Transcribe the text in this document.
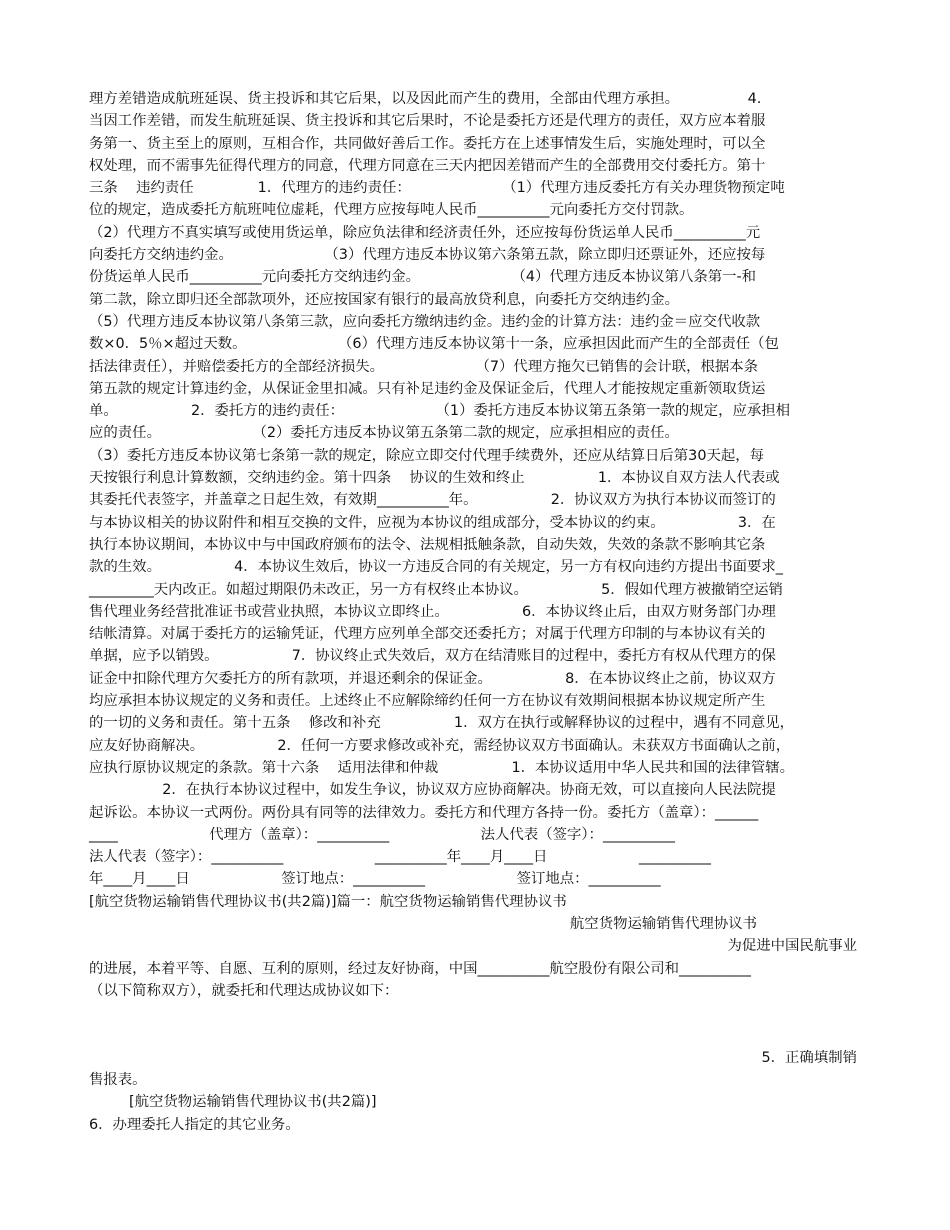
理方差错造成航班延误、货主投诉和其它后果，以及因此而产生的费用，全部由代理方承担。               4.
当因工作差错，而发生航班延误、货主投诉和其它后果时，不论是委托方还是代理方的责任，双方应本着服
务第一、货主至上的原则，互相合作，共同做好善后工作。委托方在上述事情发生后，实施处理时，可以全
权处理，而不需事先征得代理方的同意，代理方同意在三天内把因差错而产生的全部费用交付委托方。第十
三条    违约责任              1．代理方的违约责任：                    （1）代理方违反委托方有关办理货物预定吨
位的规定，造成委托方航班吨位虚耗，代理方应按每吨人民币__________元向委托方交付罚款。
（2）代理方不真实填写或使用货运单，除应负法律和经济责任外，还应按每份货运单人民币__________元
向委托方交纳违约金。                    （3）代理方违反本协议第六条第五款，除立即归还票证外，还应按每
份货运单人民币__________元向委托方交纳违约金。                    （4）代理方违反本协议第八条第一-和
第二款，除立即归还全部款项外，还应按国家有银行的最高放贷利息，向委托方交纳违约金。
（5）代理方违反本协议第八条第三款，应向委托方缴纳违约金。违约金的计算方法：违约金＝应交代收款
数×0．5％×超过天数。                    （6）代理方违反本协议第十一条，应承担因此而产生的全部责任（包
括法律责任），并赔偿委托方的全部经济损失。                    （7）代理方拖欠已销售的会计联，根据本条
第五款的规定计算违约金，从保证金里扣减。只有补足违约金及保证金后，代理人才能按规定重新领取货运
单。                2．委托方的违约责任：                    （1）委托方违反本协议第五条第一款的规定，应承担相
应的责任。                    （2）委托方违反本协议第五条第二款的规定，应承担相应的责任。
（3）委托方违反本协议第七条第一款的规定，除应立即交付代理手续费外，还应从结算日后第30天起，每
天按银行利息计算数额，交纳违约金。第十四条    协议的生效和终止                1．本协议自双方法人代表或
其委托代表签字，并盖章之日起生效，有效期__________年。                2．协议双方为执行本协议而签订的
与本协议相关的协议附件和相互交换的文件，应视为本协议的组成部分，受本协议的约束。                3．在
执行本协议期间，本协议中与中国政府颁布的法令、法规相抵触条款，自动失效，失效的条款不影响其它条
款的生效。                4．本协议生效后，协议一方违反合同的有关规定，另一方有权向违约方提出书面要求_
_________天内改正。如超过期限仍未改正，另一方有权终止本协议。                5．假如代理方被撤销空运销
售代理业务经营批准证书或营业执照，本协议立即终止。                6．本协议终止后，由双方财务部门办理
结帐清算。对属于委托方的运输凭证，代理方应列单全部交还委托方；对属于代理方印制的与本协议有关的
单据，应予以销毁。                7．协议终止式失效后，双方在结清账目的过程中，委托方有权从代理方的保
证金中扣除代理方欠委托方的所有款项，并退还剩余的保证金。                8．在本协议终止之前，协议双方
均应承担本协议规定的义务和责任。上述终止不应解除缔约任何一方在协议有效期间根据本协议规定所产生
的一切的义务和责任。第十五条    修改和补充                1．双方在执行或解释协议的过程中，遇有不同意见，
应友好协商解决。                2．任何一方要求修改或补充，需经协议双方书面确认。未获双方书面确认之前，
应执行原协议规定的条款。第十六条    适用法律和仲裁                1．本协议适用中华人民共和国的法律管辖。
2．在执行本协议过程中，如发生争议，协议双方应协商解决。协商无效，可以直接向人民法院提
起诉讼。本协议一式两份。两份具有同等的法律效力。委托方和代理方各持一份。委托方（盖章）：______
____                    代理方（盖章）：__________                    法人代表（签字）：__________
法人代表（签字）：__________                    __________年____月____日                    __________
年____月____日                    签订地点：__________                    签订地点：__________
[航空货物运输销售代理协议书(共2篇)]篇一：航空货物运输销售代理协议书
航空货物运输销售代理协议书
为促进中国民航事业
的进展，本着平等、自愿、互利的原则，经过友好协商，中国__________航空股份有限公司和__________
（以下简称双方），就委托和代理达成协议如下：
5．正确填制销
售报表。
[航空货物运输销售代理协议书(共2篇)]
6．办理委托人指定的其它业务。
